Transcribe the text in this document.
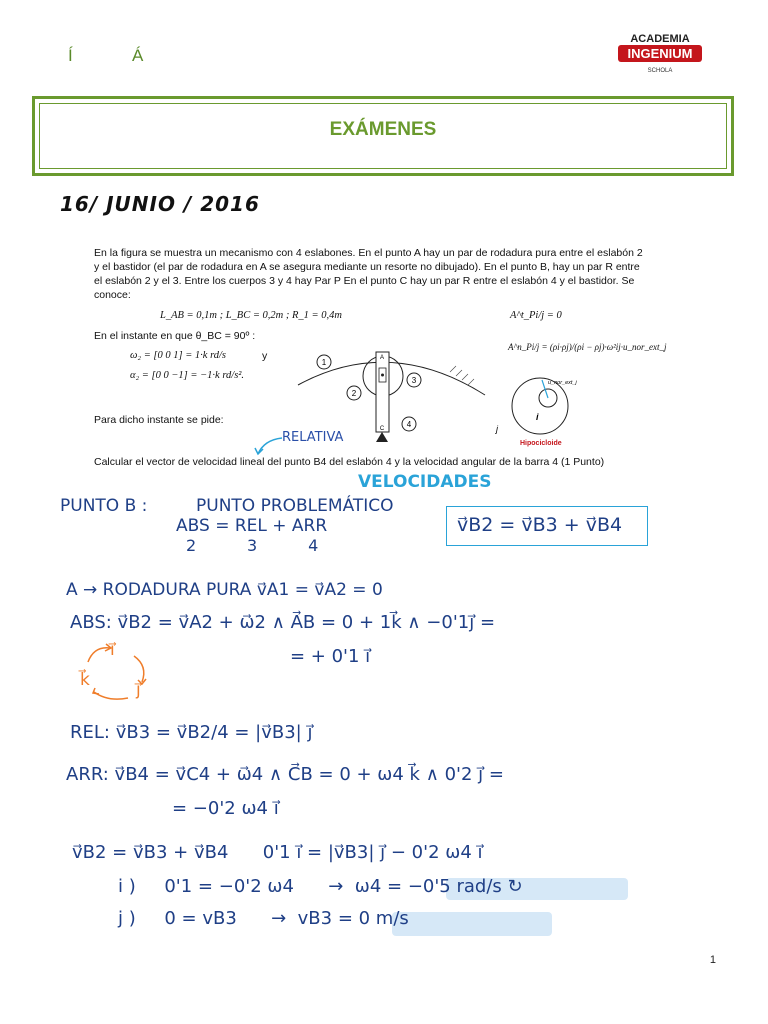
Í	Á
ACADEMIA
INGENIUM
SCHOLA
EXÁMENES
16/ JUNIO / 2016
En la figura se muestra un mecanismo con 4 eslabones. En el punto A hay un par de rodadura pura entre el eslabón 2 y el bastidor (el par de rodadura en A se asegura mediante un resorte no dibujado). En el punto B, hay un par R entre el eslabón 2 y el 3. Entre los cuerpos 3 y 4 hay Par P En el punto C hay un par R entre el eslabón 4 y el bastidor. Se conoce:
L_AB = 0,1m ; L_BC = 0,2m ; R_1 = 0,4m	A^t_Pi/j = 0
En el instante en que θ_BC = 90º :
ω₂ = [0 0 1] = 1·k rd/s	y
α₂ = [0 0 −1] = −1·k rd/s².
A^n_Pi/j = (ρi·ρj)/(ρi − ρj)·ω²ij·u_nor_ext_j
Para dicho instante se pide:
Calcular el vector de velocidad lineal del punto B4 del eslabón 4 y la velocidad angular de la barra 4 (1 Punto)
1
2
3
4
A
C
u_nor_ext_j
i
j
Hipocicloide
RELATIVA
VELOCIDADES
PUNTO B :	PUNTO PROBLEMÁTICO
ABS = REL + ARR
2          3          4
v⃗B2 = v⃗B3 + v⃗B4
A → RODADURA PURA v⃗A1 = v⃗A2 = 0
ABS: v⃗B2 = v⃗A2 + ω⃗2 ∧ A⃗B = 0 + 1k⃗ ∧ −0'1j⃗ =
= + 0'1 i⃗
i⃗
k⃗	j⃗
REL: v⃗B3 = v⃗B2/4 = |v⃗B3| j⃗
ARR: v⃗B4 = v⃗C4 + ω⃗4 ∧ C⃗B = 0 + ω4 k⃗ ∧ 0'2 j⃗ =
= −0'2 ω4 i⃗
v⃗B2 = v⃗B3 + v⃗B4      0'1 i⃗ = |v⃗B3| j⃗ − 0'2 ω4 i⃗
i )     0'1 = −0'2 ω4      →  ω4 = −0'5 rad/s ↻
j )     0 = vB3      →  vB3 = 0 m/s
1
